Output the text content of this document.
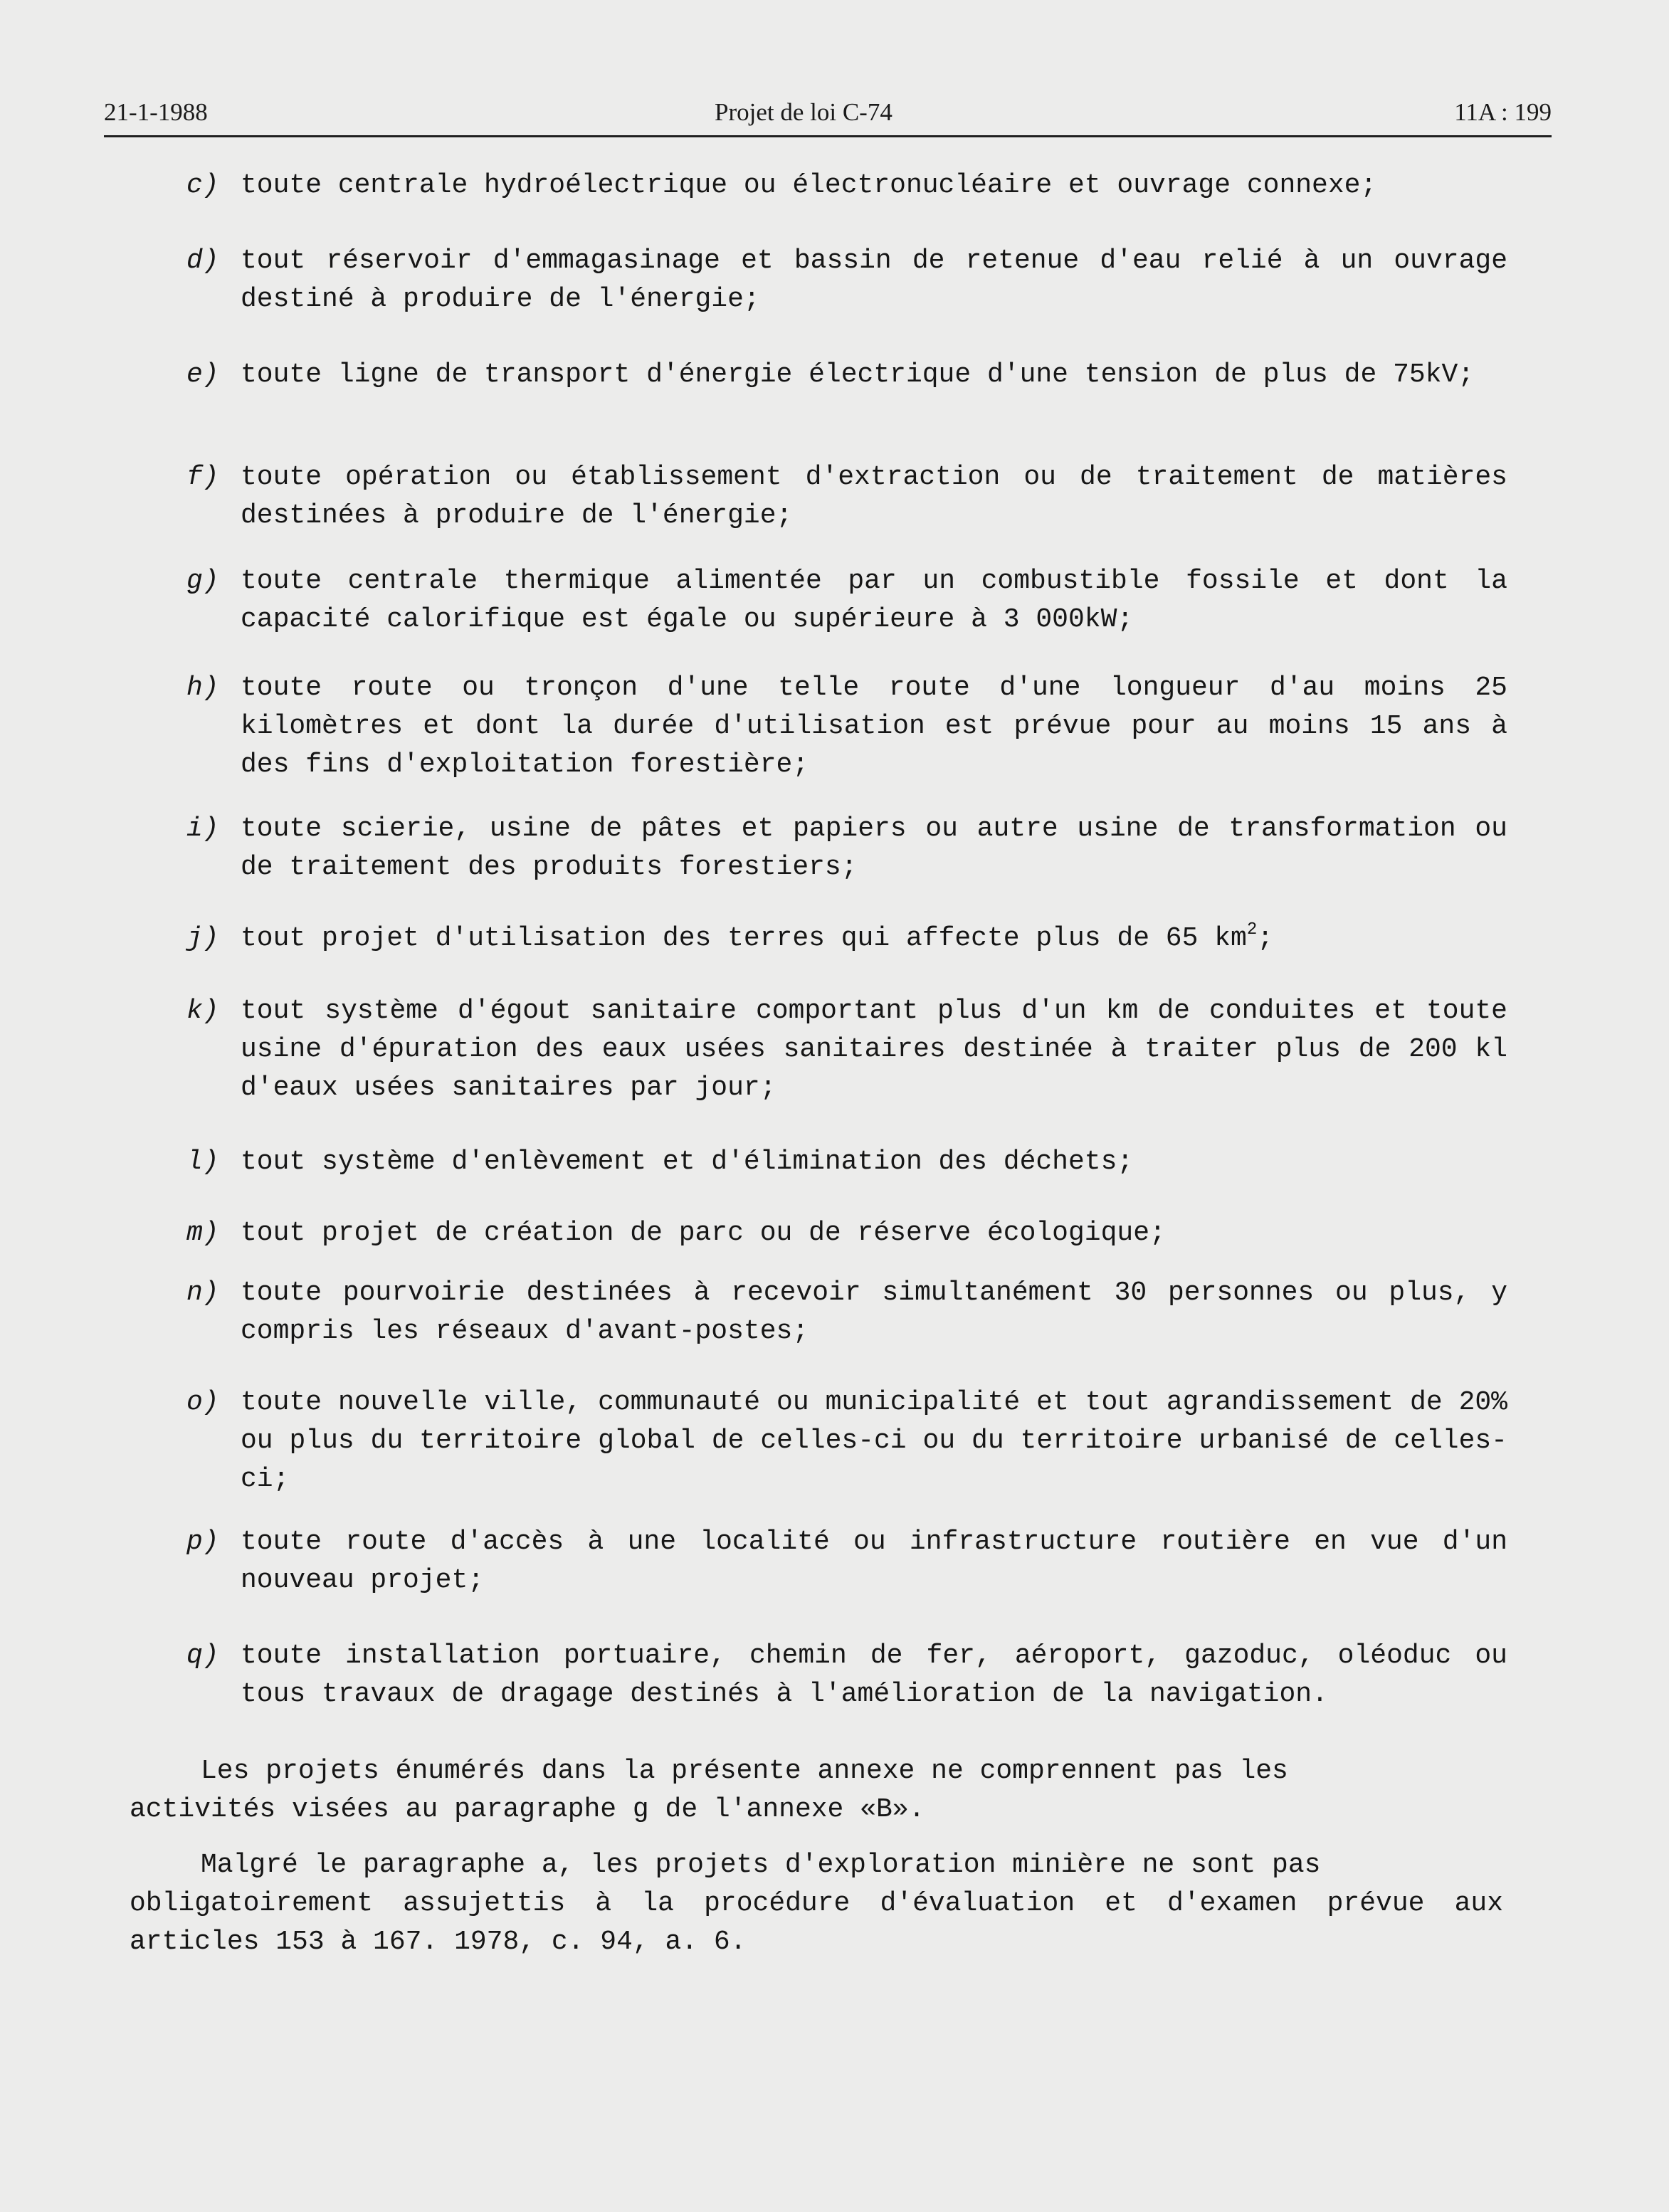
21-1-1988	Projet de loi C-74	11A : 199
c) toute centrale hydroélectrique ou électronucléaire et ouvrage connexe;
d) tout réservoir d'emmagasinage et bassin de retenue d'eau relié à un ouvrage destiné à produire de l'énergie;
e) toute ligne de transport d'énergie électrique d'une tension de plus de 75kV;
f) toute opération ou établissement d'extraction ou de traitement de matières destinées à produire de l'énergie;
g) toute centrale thermique alimentée par un combustible fossile et dont la capacité calorifique est égale ou supérieure à 3 000kW;
h) toute route ou tronçon d'une telle route d'une longueur d'au moins 25 kilomètres et dont la durée d'utilisation est prévue pour au moins 15 ans à des fins d'exploitation forestière;
i) toute scierie, usine de pâtes et papiers ou autre usine de transformation ou de traitement des produits forestiers;
j) tout projet d'utilisation des terres qui affecte plus de 65 $km^2$;
k) tout système d'égout sanitaire comportant plus d'un km de conduites et toute usine d'épuration des eaux usées sanitaires destinée à traiter plus de 200 kl d'eaux usées sanitaires par jour;
l) tout système d'enlèvement et d'élimination des déchets;
m) tout projet de création de parc ou de réserve écologique;
n) toute pourvoirie destinées à recevoir simultanément 30 personnes ou plus, y compris les réseaux d'avant-postes;
o) toute nouvelle ville, communauté ou municipalité et tout agrandissement de 20% ou plus du territoire global de celles-ci ou du territoire urbanisé de celles-ci;
p) toute route d'accès à une localité ou infrastructure routière en vue d'un nouveau projet;
q) toute installation portuaire, chemin de fer, aéroport, gazoduc, oléoduc ou tous travaux de dragage destinés à l'amélioration de la navigation.
Les projets énumérés dans la présente annexe ne comprennent pas les
activités visées au paragraphe g de l'annexe «B».
Malgré le paragraphe a, les projets d'exploration minière ne sont pas
obligatoirement assujettis à la procédure d'évaluation et d'examen prévue aux articles 153 à 167. 1978, c. 94, a. 6.
